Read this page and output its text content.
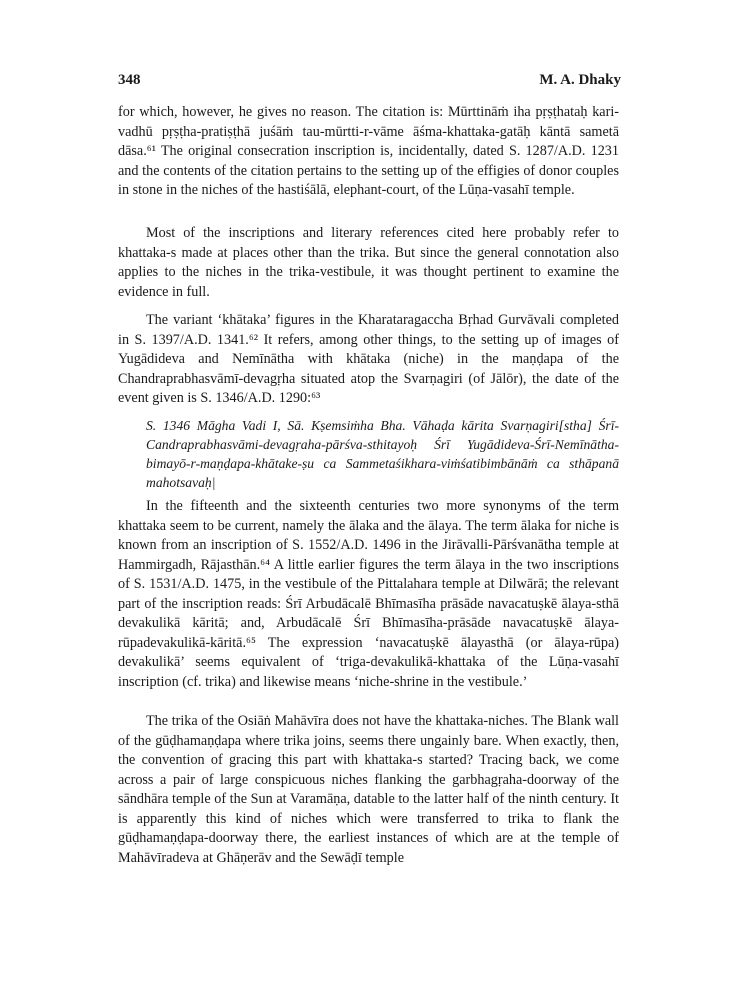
348	M. A. Dhaky
for which, however, he gives no reason. The citation is: Mūrttināṁ iha pṛṣṭhataḥ kari-vadhū pṛṣṭha-pratiṣṭhā juśāṁ tau-mūrtti-r-vāme āśma-khattaka-gatāḥ kāntā sametā dāsa.⁶¹ The original consecration inscription is, incidentally, dated S. 1287/A.D. 1231 and the contents of the citation pertains to the setting up of the effigies of donor couples in stone in the niches of the hastiśālā, elephant-court, of the Lūṇa-vasahī temple.
Most of the inscriptions and literary references cited here probably refer to khattaka-s made at places other than the trika. But since the general connotation also applies to the niches in the trika-vestibule, it was thought pertinent to examine the evidence in full.
The variant ‘khātaka’ figures in the Kharataragaccha Bṛhad Gurvāvali completed in S. 1397/A.D. 1341.⁶² It refers, among other things, to the setting up of images of Yugādideva and Nemīnātha with khātaka (niche) in the maṇḍapa of the Chandraprabhasvāmī-devagṛha situated atop the Svarṇagiri (of Jālōr), the date of the event given is S. 1346/A.D. 1290:⁶³
S. 1346 Māgha Vadi I, Sā. Kṣemsiṁha Bha. Vāhaḍa kārita Svarṇagiri[stha] Śrī-Candraprabhasvāmi-devagṛaha-pārśva-sthitayoḥ Śrī Yugādideva-Śrī-Nemīnātha-bimayō-r-maṇḍapa-khātake-ṣu ca Sammetaśikhara-viṁśatibimbānāṁ ca sthāpanā mahotsavaḥ|
In the fifteenth and the sixteenth centuries two more synonyms of the term khattaka seem to be current, namely the ālaka and the ālaya. The term ālaka for niche is known from an inscription of S. 1552/A.D. 1496 in the Jirāvalli-Pārśvanātha temple at Hammirgadh, Rājasthān.⁶⁴ A little earlier figures the term ālaya in the two inscriptions of S. 1531/A.D. 1475, in the vestibule of the Pittalahara temple at Dilwārā; the relevant part of the inscription reads: Śrī Arbudācalē Bhīmasīha prāsāde navacatuṣkē ālaya-sthā devakulikā kāritā; and, Arbudācalē Śrī Bhīmasīha-prāsāde navacatuṣkē ālaya-rūpadevakulikā-kāritā.⁶⁵ The expression ‘navacatuṣkē ālayasthā (or ālaya-rūpa) devakulikā’ seems equivalent of ‘triga-devakulikā-khattaka of the Lūṇa-vasahī inscription (cf. trika) and likewise means ‘niche-shrine in the vestibule.’
The trika of the Osiāṅ Mahāvīra does not have the khattaka-niches. The Blank wall of the gūḍhamaṇḍapa where trika joins, seems there ungainly bare. When exactly, then, the convention of gracing this part with khattaka-s started? Tracing back, we come across a pair of large conspicuous niches flanking the garbhagṛaha-doorway of the sāndhāra temple of the Sun at Varamāṇa, datable to the latter half of the ninth century. It is apparently this kind of niches which were transferred to trika to flank the gūḍhamaṇḍapa-doorway there, the earliest instances of which are at the temple of Mahāvīradeva at Ghāṇerāv and the Sewāḍī temple
